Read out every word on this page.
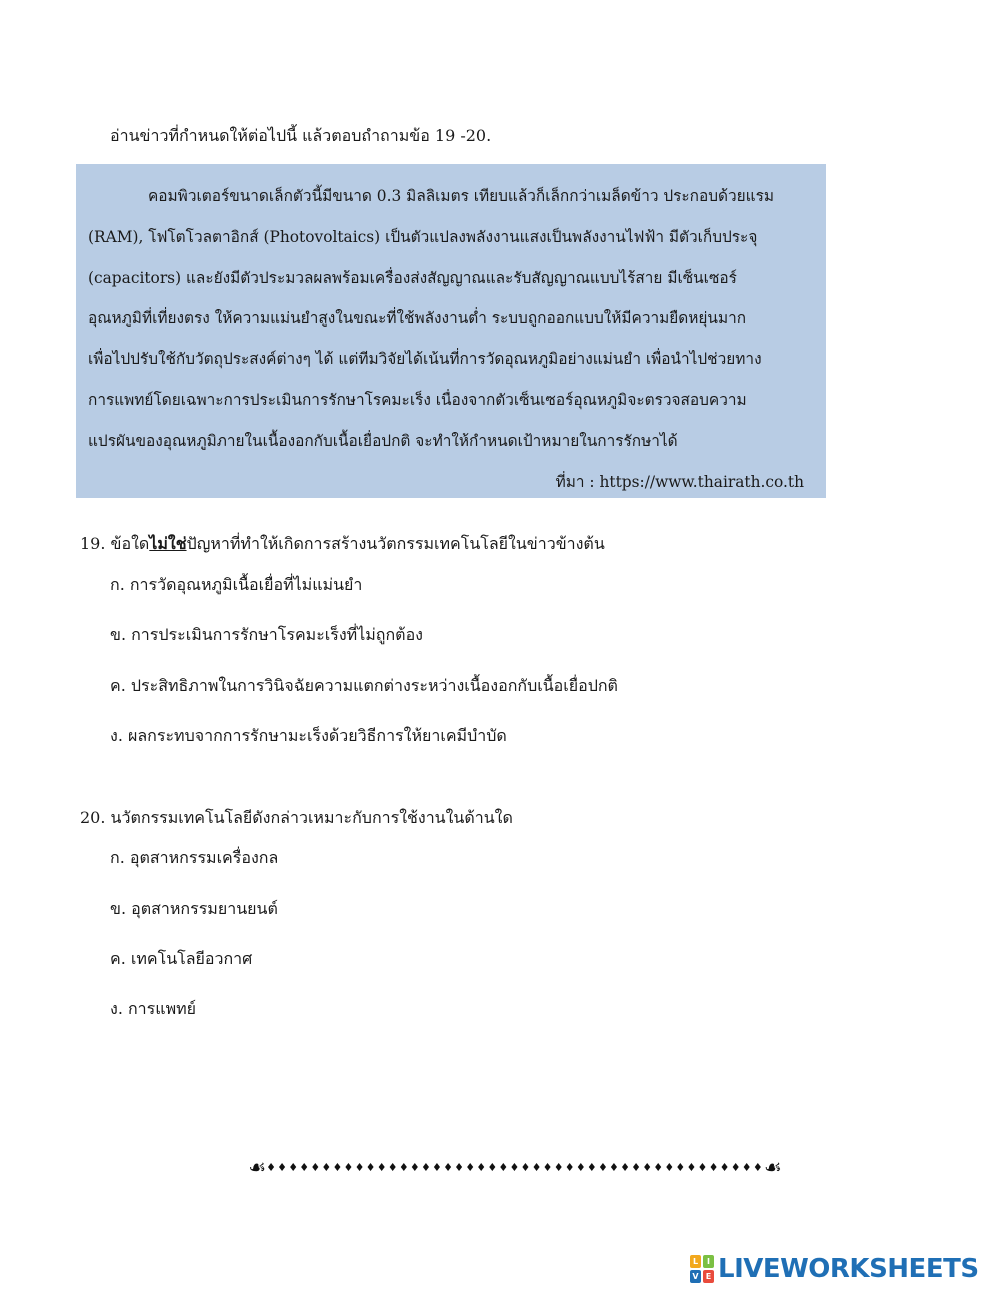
อ่านข่าวที่กำหนดให้ต่อไปนี้ แล้วตอบถำถามข้อ 19 -20.
คอมพิวเตอร์ขนาดเล็กตัวนี้มีขนาด 0.3 มิลลิเมตร เทียบแล้วก็เล็กกว่าเมล็ดข้าว ประกอบด้วยแรม
(RAM), โฟโตโวลตาอิกส์ (Photovoltaics) เป็นตัวแปลงพลังงานแสงเป็นพลังงานไฟฟ้า มีตัวเก็บประจุ
(capacitors) และยังมีตัวประมวลผลพร้อมเครื่องส่งสัญญาณและรับสัญญาณแบบไร้สาย มีเซ็นเซอร์
อุณหภูมิที่เที่ยงตรง ให้ความแม่นยำสูงในขณะที่ใช้พลังงานต่ำ ระบบถูกออกแบบให้มีความยืดหยุ่นมาก
เพื่อไปปรับใช้กับวัตถุประสงค์ต่างๆ ได้ แต่ทีมวิจัยได้เน้นที่การวัดอุณหภูมิอย่างแม่นยำ เพื่อนำไปช่วยทาง
การแพทย์โดยเฉพาะการประเมินการรักษาโรคมะเร็ง เนื่องจากตัวเซ็นเซอร์อุณหภูมิจะตรวจสอบความ
แปรผันของอุณหภูมิภายในเนื้องอกกับเนื้อเยื่อปกติ จะทำให้กำหนดเป้าหมายในการรักษาได้
ที่มา : https://www.thairath.co.th
19. ข้อใดไม่ใช่ปัญหาที่ทำให้เกิดการสร้างนวัตกรรมเทคโนโลยีในข่าวข้างต้น
ก. การวัดอุณหภูมิเนื้อเยื่อที่ไม่แม่นยำ
ข. การประเมินการรักษาโรคมะเร็งที่ไม่ถูกต้อง
ค. ประสิทธิภาพในการวินิจฉัยความแตกต่างระหว่างเนื้องอกกับเนื้อเยื่อปกติ
ง. ผลกระทบจากการรักษามะเร็งด้วยวิธีการให้ยาเคมีบำบัด
20. นวัตกรรมเทคโนโลยีดังกล่าวเหมาะกับการใช้งานในด้านใด
ก. อุตสาหกรรมเครื่องกล
ข. อุตสาหกรรมยานยนต์
ค. เทคโนโลยีอวกาศ
ง. การแพทย์
☙ ♦♦♦♦♦♦♦♦♦♦♦♦♦♦♦♦♦♦♦♦♦♦♦♦♦♦♦♦♦♦♦♦♦♦♦♦♦♦♦♦♦♦♦♦♦ ☙
L	I
V E LIVEWORKSHEETS
